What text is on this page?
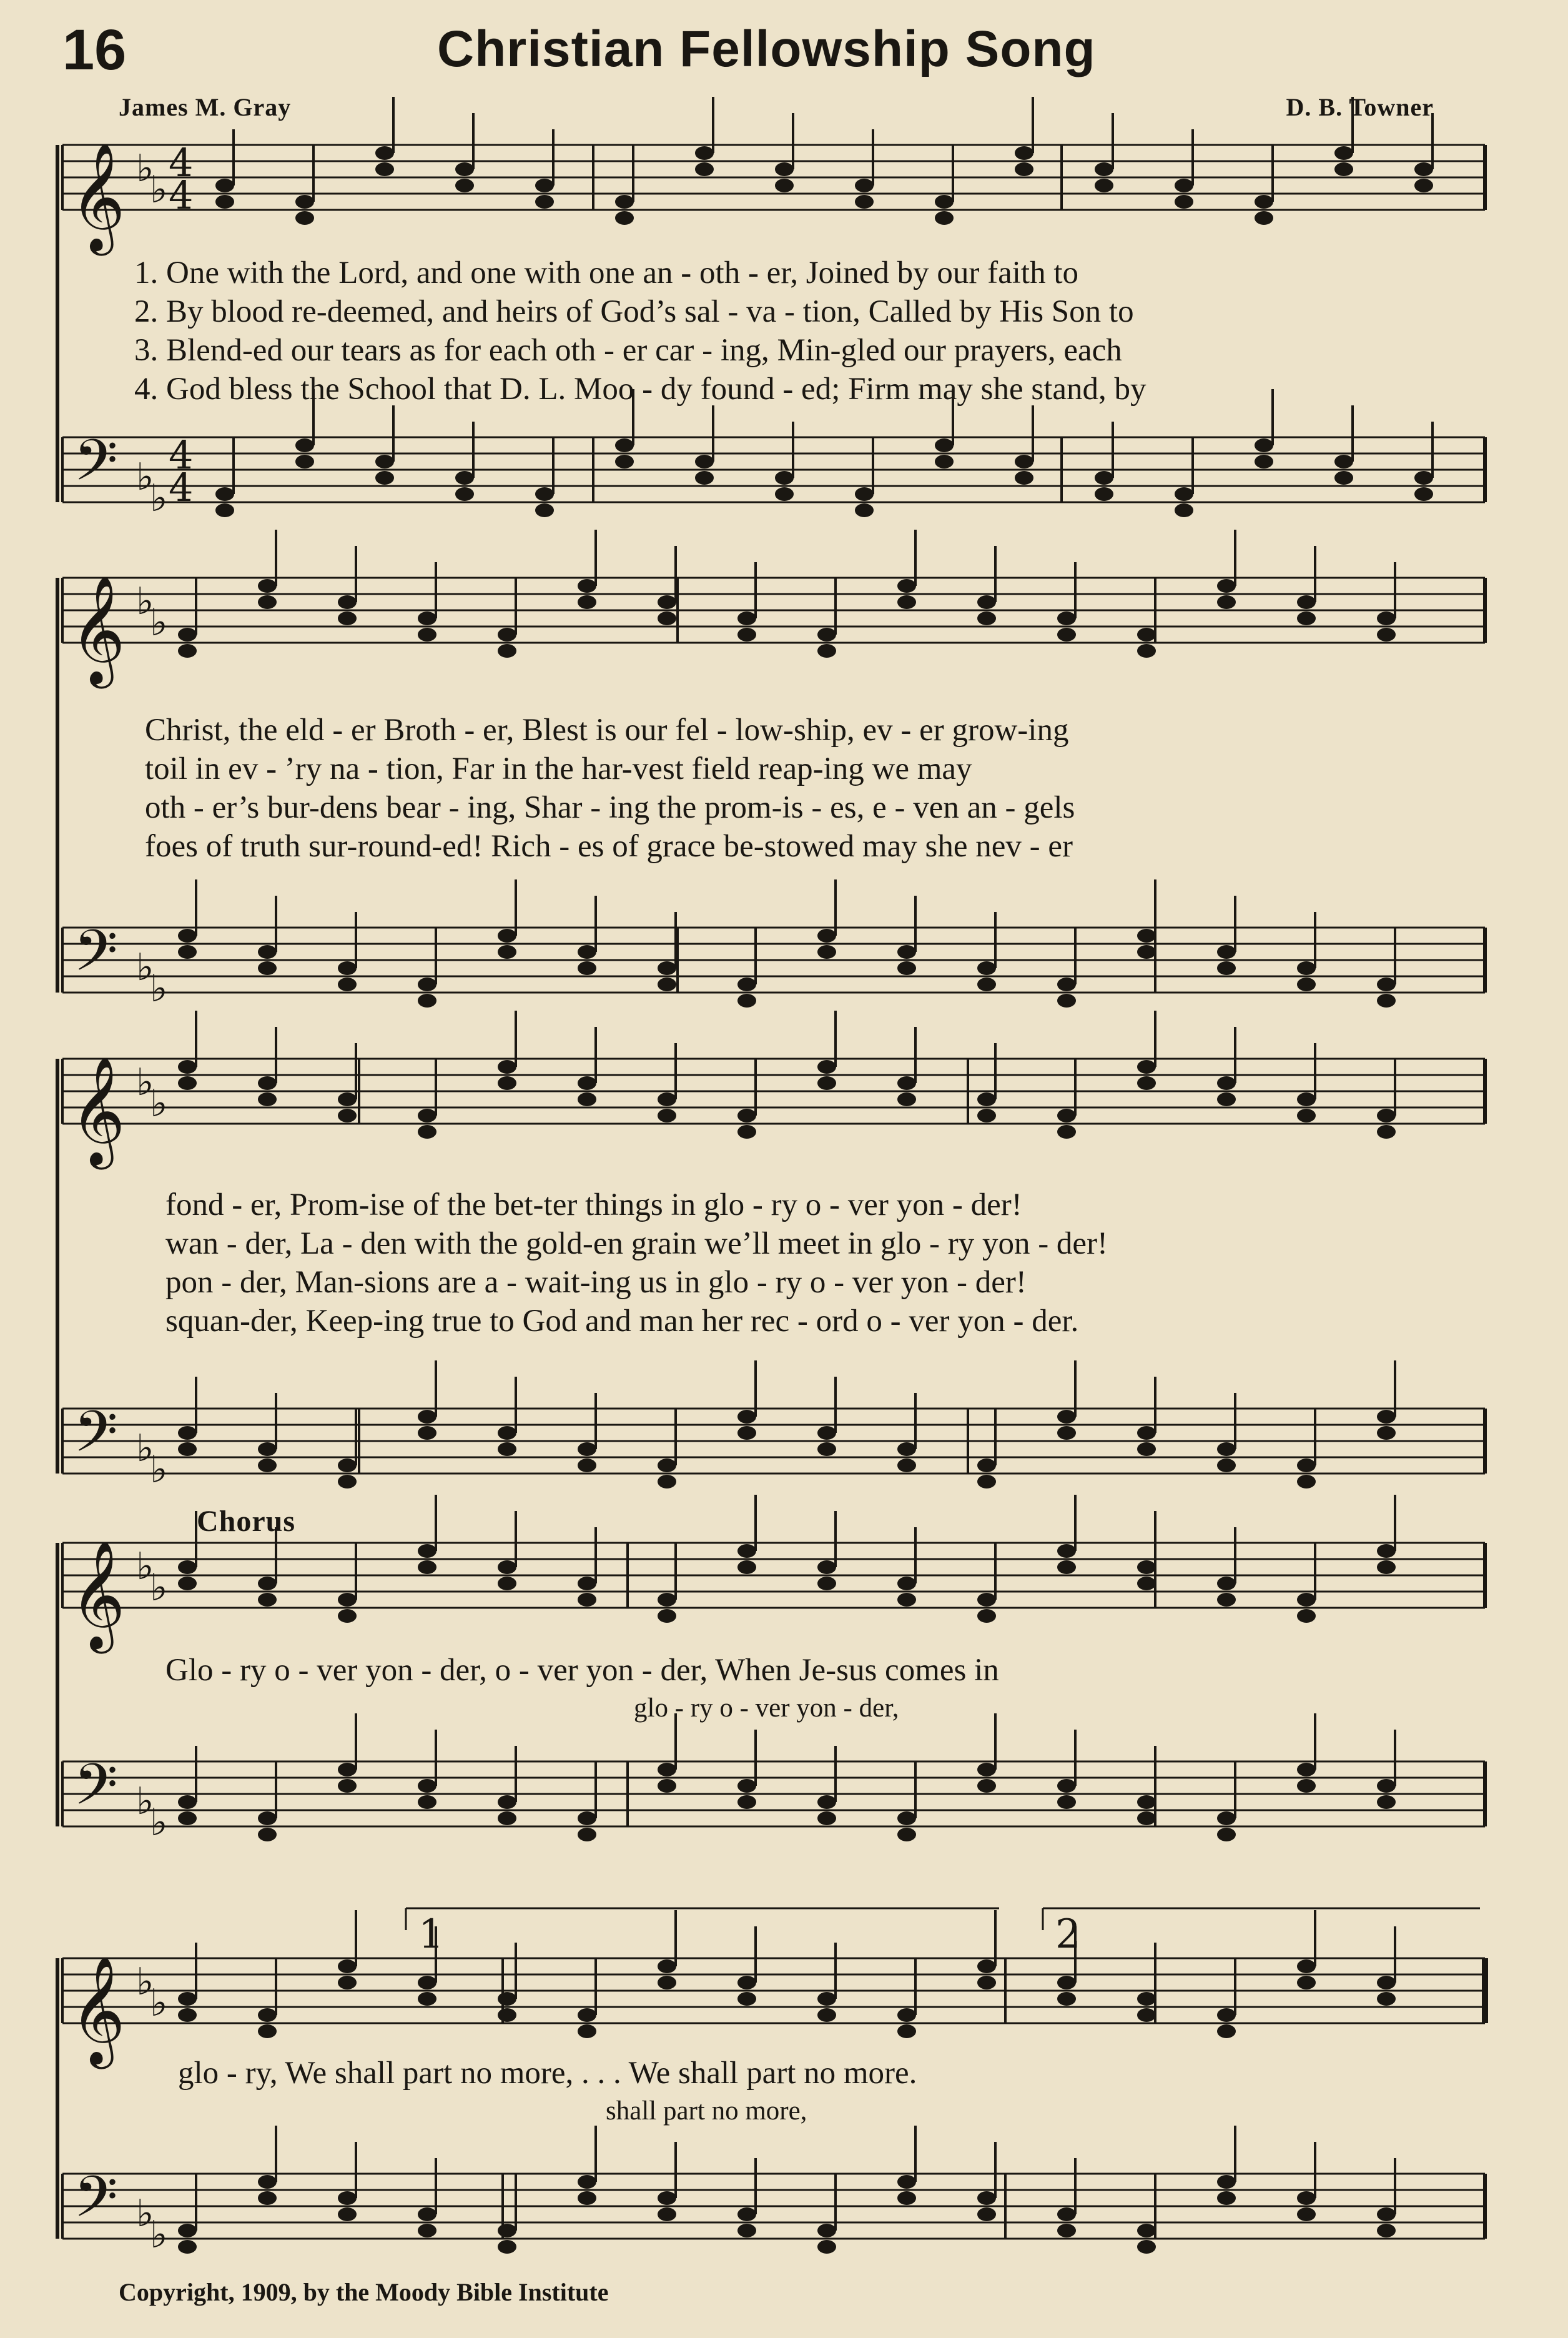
16	Christian Fellowship Song
James M. Gray	D. B. Towner
𝄞 ♭
♭
4
4
𝄢 ♭
♭
4
4
𝄞 ♭
♭
𝄢 ♭
♭
𝄞 ♭
♭
𝄢 ♭
♭
𝄞 ♭
♭
𝄢 ♭
♭
𝄞 ♭
♭
𝄢 ♭
♭
1	2
1. One with the Lord, and one with one an - oth - er, Joined by our faith to
2. By blood re-deemed, and heirs of God’s sal - va - tion, Called by His Son to
3. Blend-ed our tears as for each oth - er car - ing, Min-gled our prayers, each
4. God bless the School that D. L. Moo - dy found - ed; Firm may she stand, by
Christ, the eld - er Broth - er, Blest is our fel - low-ship, ev - er grow-ing
toil in ev - ’ry na - tion, Far in the har-vest field reap-ing we may
oth - er’s bur-dens bear - ing, Shar - ing the prom-is - es, e - ven an - gels
foes of truth sur-round-ed! Rich - es of grace be-stowed may she nev - er
fond - er, Prom-ise of the bet-ter things in glo - ry o - ver yon - der!
wan - der, La - den with the gold-en grain we’ll meet in glo - ry yon - der!
pon - der, Man-sions are a - wait-ing us in glo - ry o - ver yon - der!
squan-der, Keep-ing true to God and man her rec - ord o - ver yon - der.
Chorus
Glo - ry o - ver yon - der, o - ver yon - der, When Je-sus comes in
glo - ry o - ver yon - der,
glo - ry, We shall part no more, . . . We shall part no more.
shall part no more,
Copyright, 1909, by the Moody Bible Institute
